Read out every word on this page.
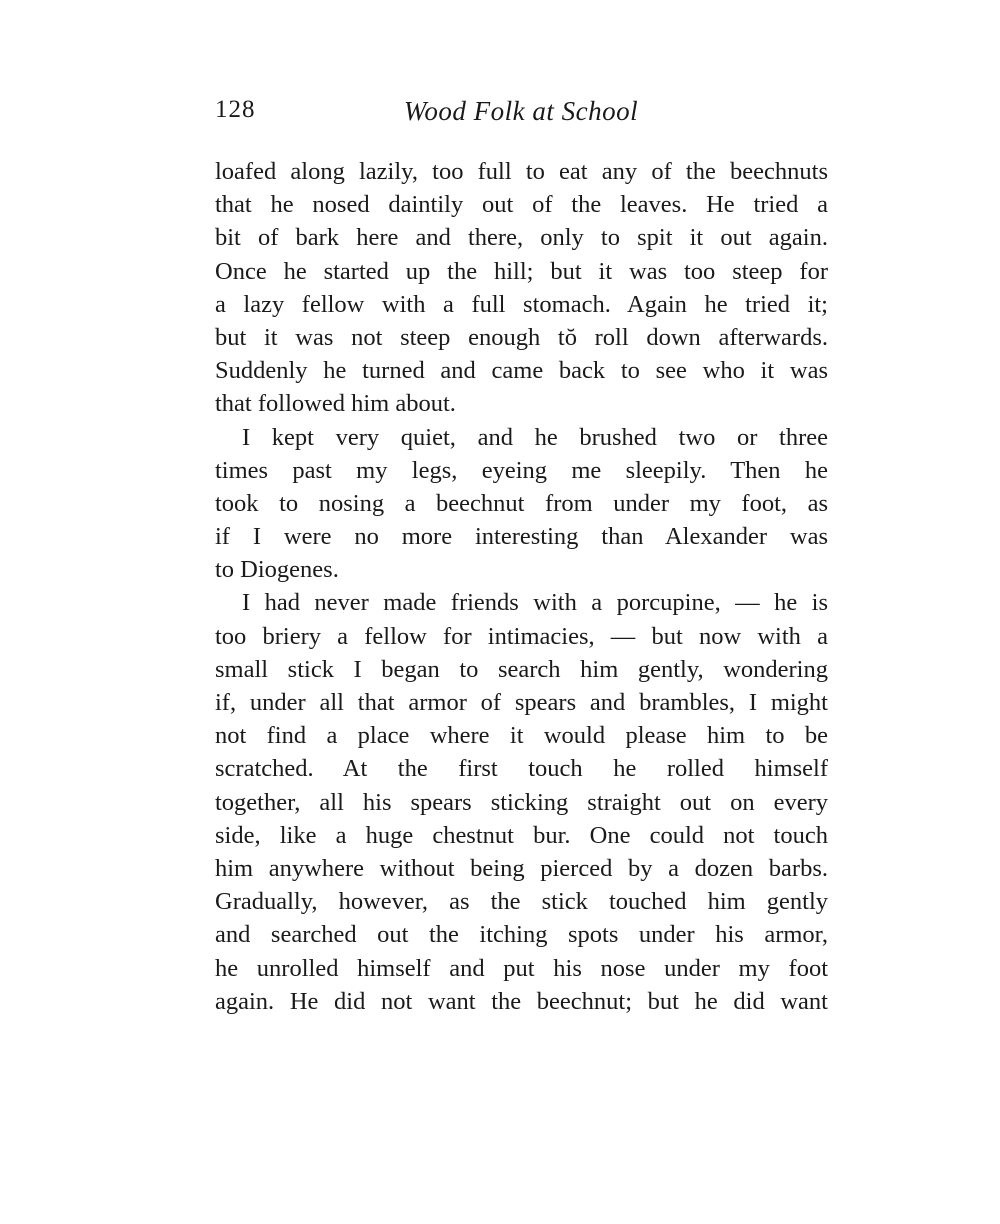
128	Wood Folk at School
loafed along lazily, too full to eat any of the beechnuts
that he nosed daintily out of the leaves. He tried a
bit of bark here and there, only to spit it out again.
Once he started up the hill; but it was too steep for
a lazy fellow with a full stomach. Again he tried it;
but it was not steep enough tŏ roll down afterwards.
Suddenly he turned and came back to see who it was
that followed him about.
I kept very quiet, and he brushed two or three
times past my legs, eyeing me sleepily. Then he
took to nosing a beechnut from under my foot, as
if I were no more interesting than Alexander was
to Diogenes.
I had never made friends with a porcupine, — he is
too briery a fellow for intimacies, — but now with a
small stick I began to search him gently, wondering
if, under all that armor of spears and brambles, I might
not find a place where it would please him to be
scratched. At the first touch he rolled himself
together, all his spears sticking straight out on every
side, like a huge chestnut bur. One could not touch
him anywhere without being pierced by a dozen barbs.
Gradually, however, as the stick touched him gently
and searched out the itching spots under his armor,
he unrolled himself and put his nose under my foot
again. He did not want the beechnut; but he did want
